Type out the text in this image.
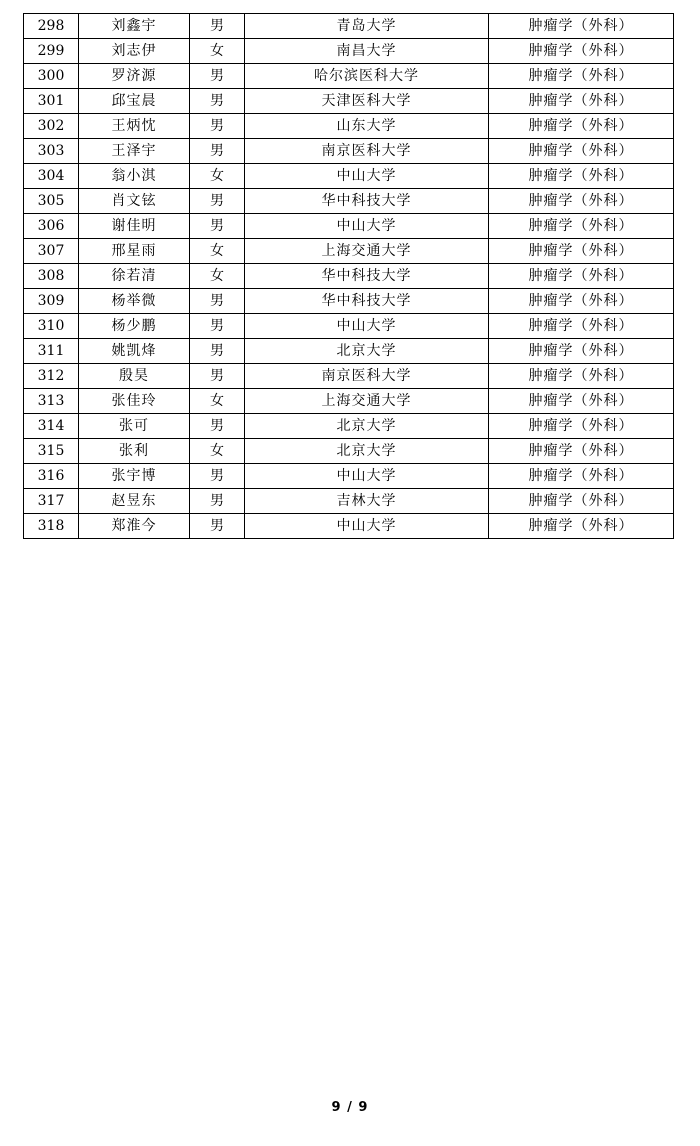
298	刘鑫宇	男	青岛大学	肿瘤学（外科）
299	刘志伊	女	南昌大学	肿瘤学（外科）
300	罗济源	男	哈尔滨医科大学	肿瘤学（外科）
301	邱宝晨	男	天津医科大学	肿瘤学（外科）
302	王炳忱	男	山东大学	肿瘤学（外科）
303	王泽宇	男	南京医科大学	肿瘤学（外科）
304	翁小淇	女	中山大学	肿瘤学（外科）
305	肖文铉	男	华中科技大学	肿瘤学（外科）
306	谢佳明	男	中山大学	肿瘤学（外科）
307	邢星雨	女	上海交通大学	肿瘤学（外科）
308	徐若清	女	华中科技大学	肿瘤学（外科）
309	杨举微	男	华中科技大学	肿瘤学（外科）
310	杨少鹏	男	中山大学	肿瘤学（外科）
311	姚凯烽	男	北京大学	肿瘤学（外科）
312	殷昊	男	南京医科大学	肿瘤学（外科）
313	张佳玲	女	上海交通大学	肿瘤学（外科）
314	张可	男	北京大学	肿瘤学（外科）
315	张利	女	北京大学	肿瘤学（外科）
316	张宇博	男	中山大学	肿瘤学（外科）
317	赵昱东	男	吉林大学	肿瘤学（外科）
318	郑淮今	男	中山大学	肿瘤学（外科）
9 / 9
